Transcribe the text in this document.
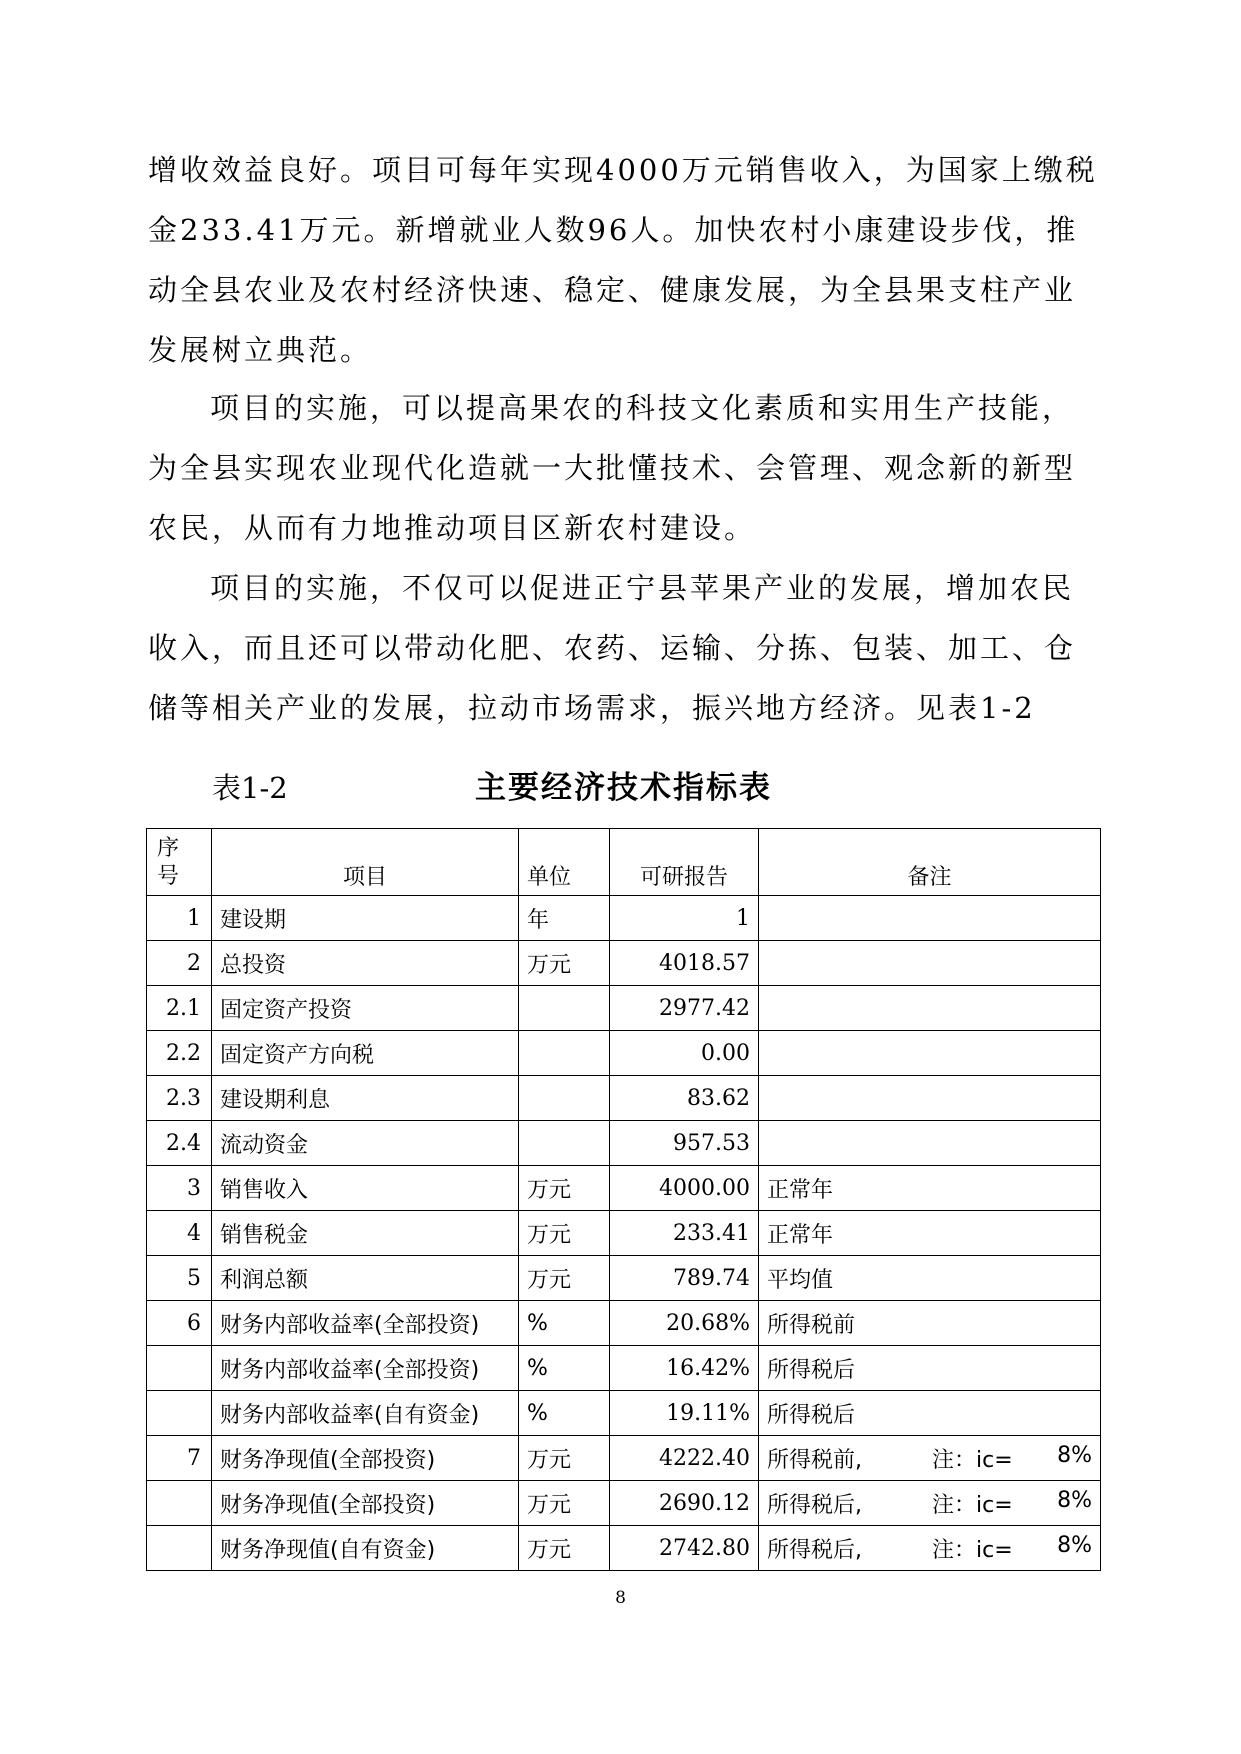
增收效益良好。项目可每年实现4000万元销售收入，为国家上缴税金233.41万元。新增就业人数96人。加快农村小康建设步伐，推动全县农业及农村经济快速、稳定、健康发展，为全县果支柱产业发展树立典范。

项目的实施，可以提高果农的科技文化素质和实用生产技能，为全县实现农业现代化造就一大批懂技术、会管理、观念新的新型农民，从而有力地推动项目区新农村建设。

项目的实施，不仅可以促进正宁县苹果产业的发展，增加农民收入，而且还可以带动化肥、农药、运输、分拣、包装、加工、仓储等相关产业的发展，拉动市场需求，振兴地方经济。见表1-2

表1-2	主要经济技术指标表
序
号	项目	单位	可研报告	备注
1	建设期	年	1	
2	总投资	万元	4018.57	
2.1	固定资产投资		2977.42	
2.2	固定资产方向税		0.00	
2.3	建设期利息		83.62	
2.4	流动资金		957.53	
3	销售收入	万元	4000.00	正常年
4	销售税金	万元	233.41	正常年
5	利润总额	万元	789.74	平均值
6	财务内部收益率(全部投资)	%	20.68%	所得税前
	财务内部收益率(全部投资)	%	16.42%	所得税后
	财务内部收益率(自有资金)	%	19.11%	所得税后
7	财务净现值(全部投资)	万元	4222.40	所得税前, 注：ic= 8%

	财务净现值(全部投资)	万元	2690.12	所得税后, 注：ic= 8%

	财务净现值(自有资金)	万元	2742.80	所得税后, 注：ic= 8%
8
